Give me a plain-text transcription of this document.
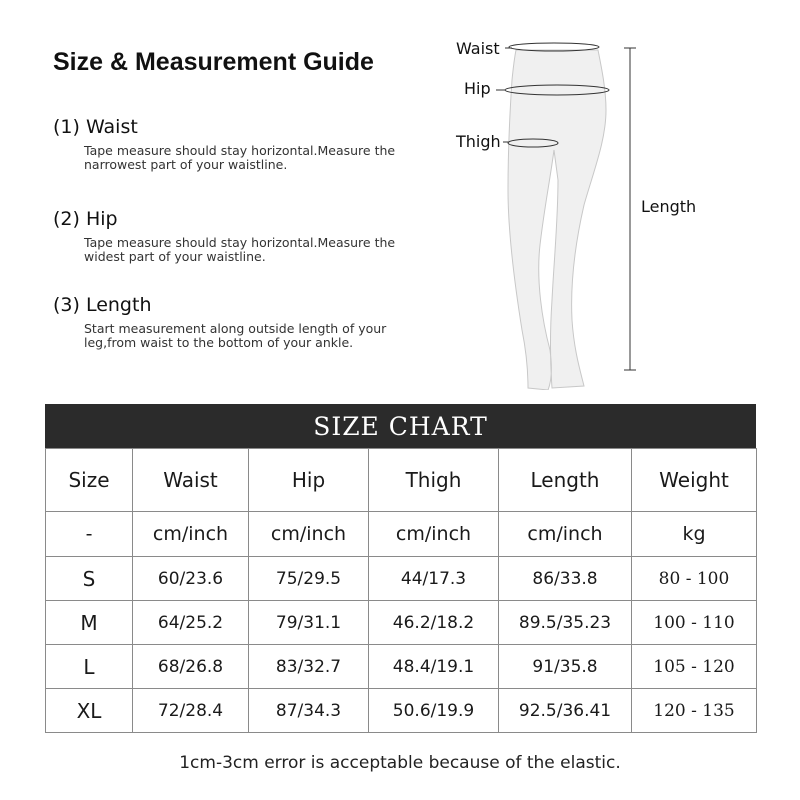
Size & Measurement Guide
(1) Waist
Tape measure should stay horizontal.Measure the narrowest part of your waistline.
(2) Hip
Tape measure should stay horizontal.Measure the widest part of your waistline.
(3) Length
Start measurement along outside length of your leg,from waist to the bottom of your ankle.
Waist
Hip
Thigh
Length
SIZE CHART
Size	Waist	Hip	Thigh	Length	Weight
-	cm/inch	cm/inch	cm/inch	cm/inch	kg
S	60/23.6	75/29.5	44/17.3	86/33.8	80 - 100
M	64/25.2	79/31.1	46.2/18.2	89.5/35.23	100 - 110
L	68/26.8	83/32.7	48.4/19.1	91/35.8	105 - 120
XL	72/28.4	87/34.3	50.6/19.9	92.5/36.41	120 - 135
1cm-3cm error is acceptable because of the elastic.
